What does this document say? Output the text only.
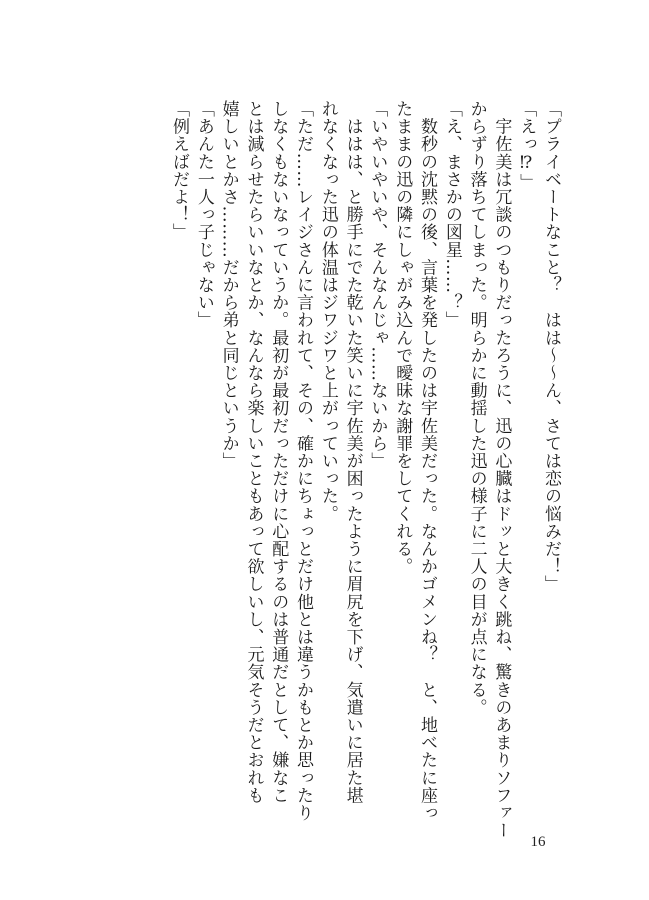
「プライベートなこと？　はは〜〜ん、さては恋の悩みだ！」
「えっ⁉」
　宇佐美は冗談のつもりだったろうに、迅の心臓はドッと大きく跳ね、驚きのあまりソファー
からずり落ちてしまった。明らかに動揺した迅の様子に二人の目が点になる。
「え、まさかの図星……？」
　数秒の沈黙の後、言葉を発したのは宇佐美だった。なんかゴメンね？　と、地べたに座っ
たままの迅の隣にしゃがみ込んで曖昧な謝罪をしてくれる。
「いやいやいや、そんなんじゃ……ないから」
　ははは、と勝手にでた乾いた笑いに宇佐美が困ったように眉尻を下げ、気遣いに居た堪
れなくなった迅の体温はジワジワと上がっていった。
「ただ……レイジさんに言われて、その、確かにちょっとだけ他とは違うかもとか思ったり
しなくもないなっていうか。最初が最初だっただけに心配するのは普通だとして、嫌なこ
とは減らせたらいいなとか、なんなら楽しいこともあって欲しいし、元気そうだとおれも
嬉しいとかさ………だから弟と同じというか」
「あんた一人っ子じゃない」
「例えばだよ！」
16
